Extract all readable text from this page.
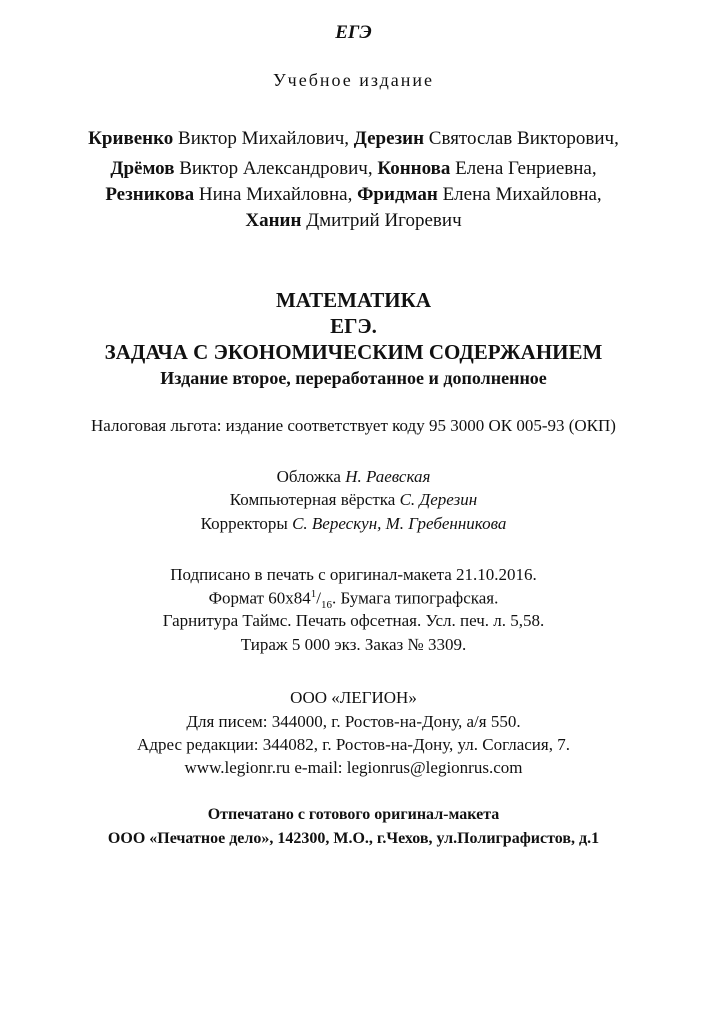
ЕГЭ
Учебное издание
Кривенко Виктор Михайлович, Дерезин Святослав Викторович,
Дрёмов Виктор Александрович, Коннова Елена Генриевна,
Резникова Нина Михайловна, Фридман Елена Михайловна,
Ханин Дмитрий Игоревич
МАТЕМАТИКА
ЕГЭ.
ЗАДАЧА С ЭКОНОМИЧЕСКИМ СОДЕРЖАНИЕМ
Издание второе, переработанное и дополненное
Налоговая льгота: издание соответствует коду 95 3000 ОК 005-93 (ОКП)
Обложка Н. Раевская
Компьютерная вёрстка С. Дерезин
Корректоры С. Верескун, М. Гребенникова
Подписано в печать с оригинал-макета 21.10.2016.
Формат $60x84^1/_{16}$. Бумага типографская.
Гарнитура Таймс. Печать офсетная. Усл. печ. л. 5,58.
Тираж 5 000 экз. Заказ № 3309.
ООО «ЛЕГИОН»
Для писем: 344000, г. Ростов-на-Дону, а/я 550.
Адрес редакции: 344082, г. Ростов-на-Дону, ул. Согласия, 7.
www.legionr.ru e-mail: legionrus@legionrus.com
Отпечатано с готового оригинал-макета
ООО «Печатное дело», 142300, М.О., г.Чехов, ул.Полиграфистов, д.1
